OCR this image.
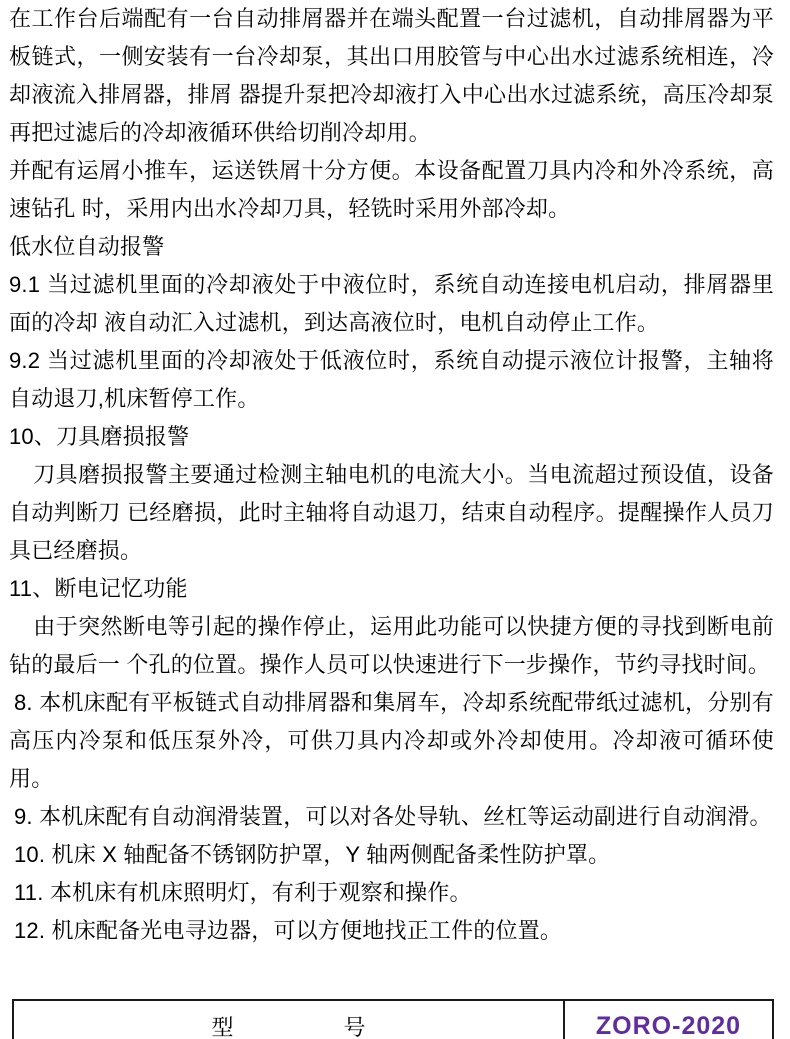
在工作台后端配有一台自动排屑器并在端头配置一台过滤机，自动排屑器为平板链式，一侧安装有一台冷却泵，其出口用胶管与中心出水过滤系统相连，冷却液流入排屑器，排屑 器提升泵把冷却液打入中心出水过滤系统，高压冷却泵再把过滤后的冷却液循环供给切削冷却用。

并配有运屑小推车，运送铁屑十分方便。本设备配置刀具内冷和外冷系统，高速钻孔 时，采用内出水冷却刀具，轻铣时采用外部冷却。

低水位自动报警

9.1 当过滤机里面的冷却液处于中液位时，系统自动连接电机启动，排屑器里面的冷却 液自动汇入过滤机，到达高液位时，电机自动停止工作。

9.2 当过滤机里面的冷却液处于低液位时，系统自动提示液位计报警，主轴将自动退刀,机床暂停工作。

10、刀具磨损报警

刀具磨损报警主要通过检测主轴电机的电流大小。当电流超过预设值，设备自动判断刀 已经磨损，此时主轴将自动退刀，结束自动程序。提醒操作人员刀具已经磨损。

11、断电记忆功能

由于突然断电等引起的操作停止，运用此功能可以快捷方便的寻找到断电前钻的最后一 个孔的位置。操作人员可以快速进行下一步操作，节约寻找时间。

8. 本机床配有平板链式自动排屑器和集屑车，冷却系统配带纸过滤机，分别有高压内冷泵和低压泵外冷，可供刀具内冷却或外冷却使用。冷却液可循环使用。

9. 本机床配有自动润滑装置，可以对各处导轨、丝杠等运动副进行自动润滑。

10. 机床 X 轴配备不锈钢防护罩，Y 轴两侧配备柔性防护罩。

11. 本机床有机床照明灯，有利于观察和操作。

12. 机床配备光电寻边器，可以方便地找正工件的位置。

型　　　　　号	ZORO-2020
